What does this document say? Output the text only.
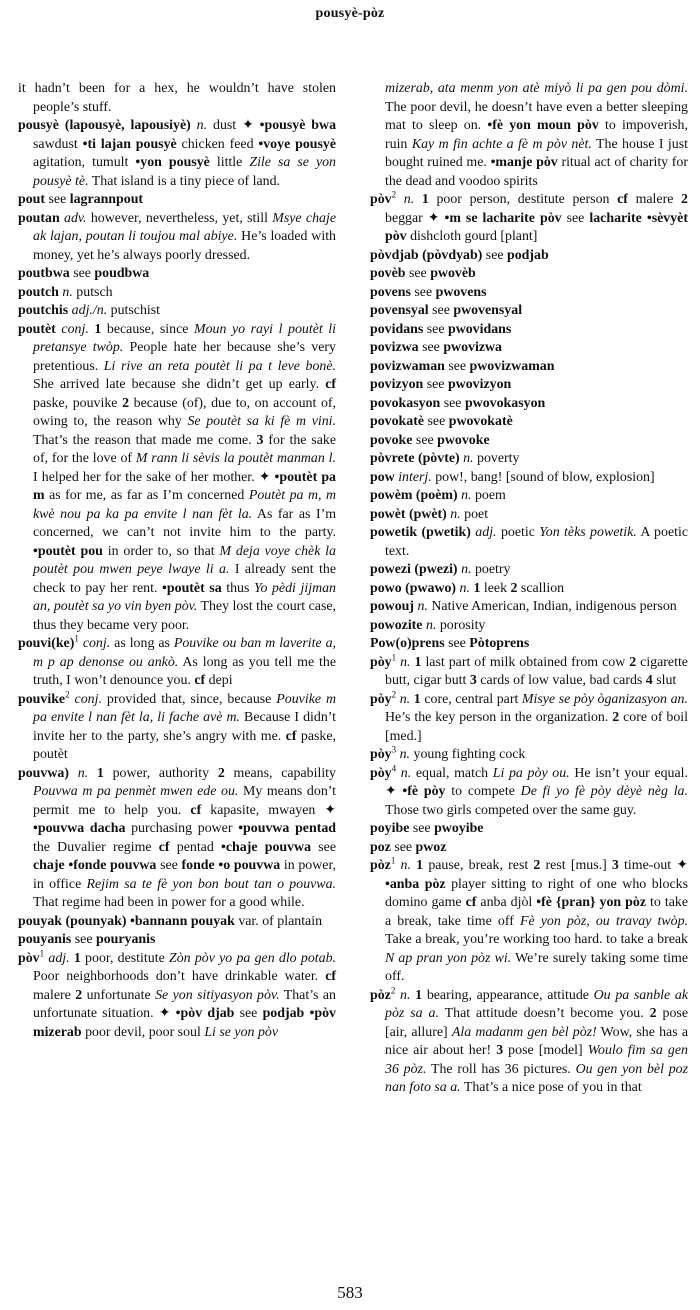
pousyè-pòz

it hadn’t been for a hex, he wouldn’t have stolen people’s stuff.

pousyè (lapousyè, lapousiyè) n. dust ✦ •pousyè bwa sawdust •ti lajan pousyè chicken feed •voye pousyè agitation, tumult •yon pousyè little Zile sa se yon pousyè tè. That island is a tiny piece of land.

pout see lagrannpout

poutan adv. however, nevertheless, yet, still Msye chaje ak lajan, poutan li toujou mal abiye. He’s loaded with money, yet he’s always poorly dressed.

poutbwa see poudbwa

poutch n. putsch

poutchis adj./n. putschist

poutèt conj. 1 because, since Moun yo rayi l poutèt li pretansye twòp. People hate her because she’s very pretentious. Li rive an reta poutèt li pa t leve bonè. She arrived late because she didn’t get up early. cf paske, pouvike 2 because (of), due to, on account of, owing to, the reason why Se poutèt sa ki fè m vini. That’s the reason that made me come. 3 for the sake of, for the love of M rann li sèvis la poutèt manman l. I helped her for the sake of her mother. ✦ •poutèt pa m as for me, as far as I’m concerned Poutèt pa m, m kwè nou pa ka pa envite l nan fèt la. As far as I’m concerned, we can’t not invite him to the party. •poutèt pou in order to, so that M deja voye chèk la poutèt pou mwen peye lwaye li a. I already sent the check to pay her rent. •poutèt sa thus Yo pèdi jijman an, poutèt sa yo vin byen pòv. They lost the court case, thus they became very poor.

pouvi(ke)$^1$ conj. as long as Pouvike ou ban m laverite a, m p ap denonse ou ankò. As long as you tell me the truth, I won’t denounce you. cf depi

pouvike$^2$ conj. provided that, since, because Pouvike m pa envite l nan fèt la, li fache avè m. Because I didn’t invite her to the party, she’s angry with me. cf paske, poutèt

pouvwa) n. 1 power, authority 2 means, capability Pouvwa m pa penmèt mwen ede ou. My means don’t permit me to help you. cf kapasite, mwayen ✦ •pouvwa dacha purchasing power •pouvwa pentad the Duvalier regime cf pentad •chaje pouvwa see chaje •fonde pouvwa see fonde •o pouvwa in power, in office Rejim sa te fè yon bon bout tan o pouvwa. That regime had been in power for a good while.

pouyak (pounyak) •bannann pouyak var. of plantain

pouyanis see pouryanis

pòv$^1$ adj. 1 poor, destitute Zòn pòv yo pa gen dlo potab. Poor neighborhoods don’t have drinkable water. cf malere 2 unfortunate Se yon sitiyasyon pòv. That’s an unfortunate situation. ✦ •pòv djab see podjab •pòv mizerab poor devil, poor soul Li se yon pòv

mizerab, ata menm yon atè miyò li pa gen pou dòmi. The poor devil, he doesn’t have even a better sleeping mat to sleep on. •fè yon moun pòv to impoverish, ruin Kay m fin achte a fè m pòv nèt. The house I just bought ruined me. •manje pòv ritual act of charity for the dead and voodoo spirits

pòv$^2$ n. 1 poor person, destitute person cf malere 2 beggar ✦ •m se lacharite pòv see lacharite •sèvyèt pòv dishcloth gourd [plant]

pòvdjab (pòvdyab) see podjab

povèb see pwovèb

povens see pwovens

povensyal see pwovensyal

povidans see pwovidans

povizwa see pwovizwa

povizwaman see pwovizwaman

povizyon see pwovizyon

povokasyon see pwovokasyon

povokatè see pwovokatè

povoke see pwovoke

pòvrete (pòvte) n. poverty

pow interj. pow!, bang! [sound of blow, explosion]

powèm (poèm) n. poem

powèt (pwèt) n. poet

powetik (pwetik) adj. poetic Yon tèks powetik. A poetic text.

powezi (pwezi) n. poetry

powo (pwawo) n. 1 leek 2 scallion

powouj n. Native American, Indian, indigenous person

powozite n. porosity

Pow(o)prens see Pòtoprens

pòy$^1$ n. 1 last part of milk obtained from cow 2 cigarette butt, cigar butt 3 cards of low value, bad cards 4 slut

pòy$^2$ n. 1 core, central part Misye se pòy òganizasyon an. He’s the key person in the organization. 2 core of boil [med.]

pòy$^3$ n. young fighting cock

pòy$^4$ n. equal, match Li pa pòy ou. He isn’t your equal. ✦ •fè pòy to compete De fi yo fè pòy dèyè nèg la. Those two girls competed over the same guy.

poyibe see pwoyibe

poz see pwoz

pòz$^1$ n. 1 pause, break, rest 2 rest [mus.] 3 time-out ✦ •anba pòz player sitting to right of one who blocks domino game cf anba djòl •fè {pran} yon pòz to take a break, take time off Fè yon pòz, ou travay twòp. Take a break, you’re working too hard. to take a break N ap pran yon pòz wi. We’re surely taking some time off.

pòz$^2$ n. 1 bearing, appearance, attitude Ou pa sanble ak pòz sa a. That attitude doesn’t become you. 2 pose [air, allure] Ala madanm gen bèl pòz! Wow, she has a nice air about her! 3 pose [model] Woulo fim sa gen 36 pòz. The roll has 36 pictures. Ou gen yon bèl poz nan foto sa a. That’s a nice pose of you in that

583
